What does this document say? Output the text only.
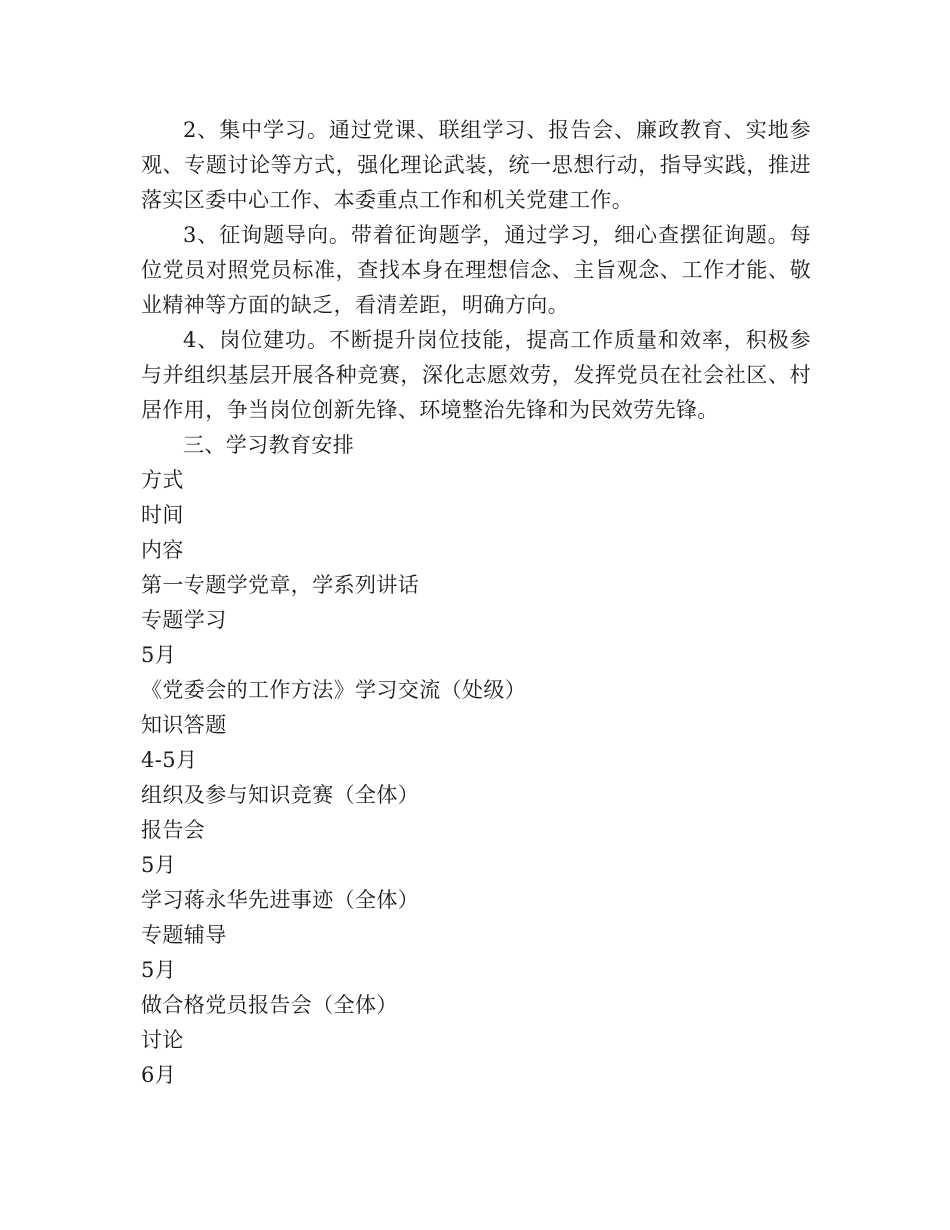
2、集中学习。通过党课、联组学习、报告会、廉政教育、实地参观、专题讨论等方式，强化理论武装，统一思想行动，指导实践，推进落实区委中心工作、本委重点工作和机关党建工作。

3、征询题导向。带着征询题学，通过学习，细心查摆征询题。每位党员对照党员标准，查找本身在理想信念、主旨观念、工作才能、敬业精神等方面的缺乏，看清差距，明确方向。

4、岗位建功。不断提升岗位技能，提高工作质量和效率，积极参与并组织基层开展各种竞赛，深化志愿效劳，发挥党员在社会社区、村居作用，争当岗位创新先锋、环境整治先锋和为民效劳先锋。

三、学习教育安排

方式

时间

内容

第一专题学党章，学系列讲话

专题学习

5月

《党委会的工作方法》学习交流（处级）

知识答题

4-5月

组织及参与知识竞赛（全体）

报告会

5月

学习蒋永华先进事迹（全体）

专题辅导

5月

做合格党员报告会（全体）

讨论

6月
